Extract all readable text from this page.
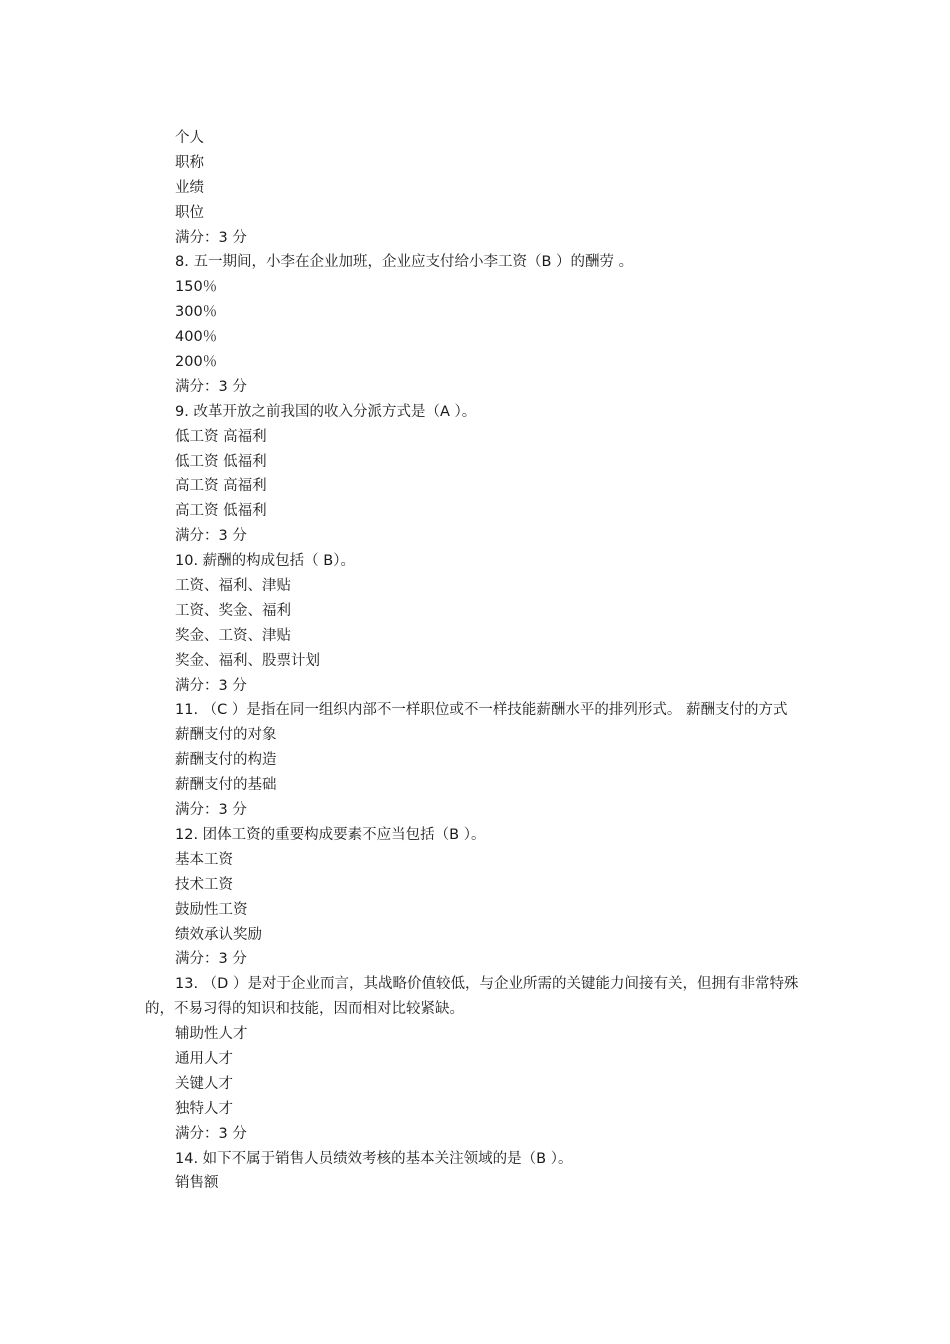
个人
职称
业绩
职位
满分：3 分
8. 五一期间，小李在企业加班，企业应支付给小李工资（B ）的酬劳 。
150％
300％
400％
200％
满分：3 分
9. 改革开放之前我国的收入分派方式是（A ）。
低工资 高福利
低工资 低福利
高工资 高福利
高工资 低福利
满分：3 分
10. 薪酬的构成包括（ B）。
工资、福利、津贴
工资、奖金、福利
奖金、工资、津贴
奖金、福利、股票计划
满分：3 分
11. （C ）是指在同一组织内部不一样职位或不一样技能薪酬水平的排列形式。 薪酬支付的方式
薪酬支付的对象
薪酬支付的构造
薪酬支付的基础
满分：3 分
12. 团体工资的重要构成要素不应当包括（B ）。
基本工资
技术工资
鼓励性工资
绩效承认奖励
满分：3 分
13. （D ）是对于企业而言，其战略价值较低，与企业所需的关键能力间接有关，但拥有非常特殊的，不易习得的知识和技能，因而相对比较紧缺。
辅助性人才
通用人才
关键人才
独特人才
满分：3 分
14. 如下不属于销售人员绩效考核的基本关注领域的是（B ）。
销售额
